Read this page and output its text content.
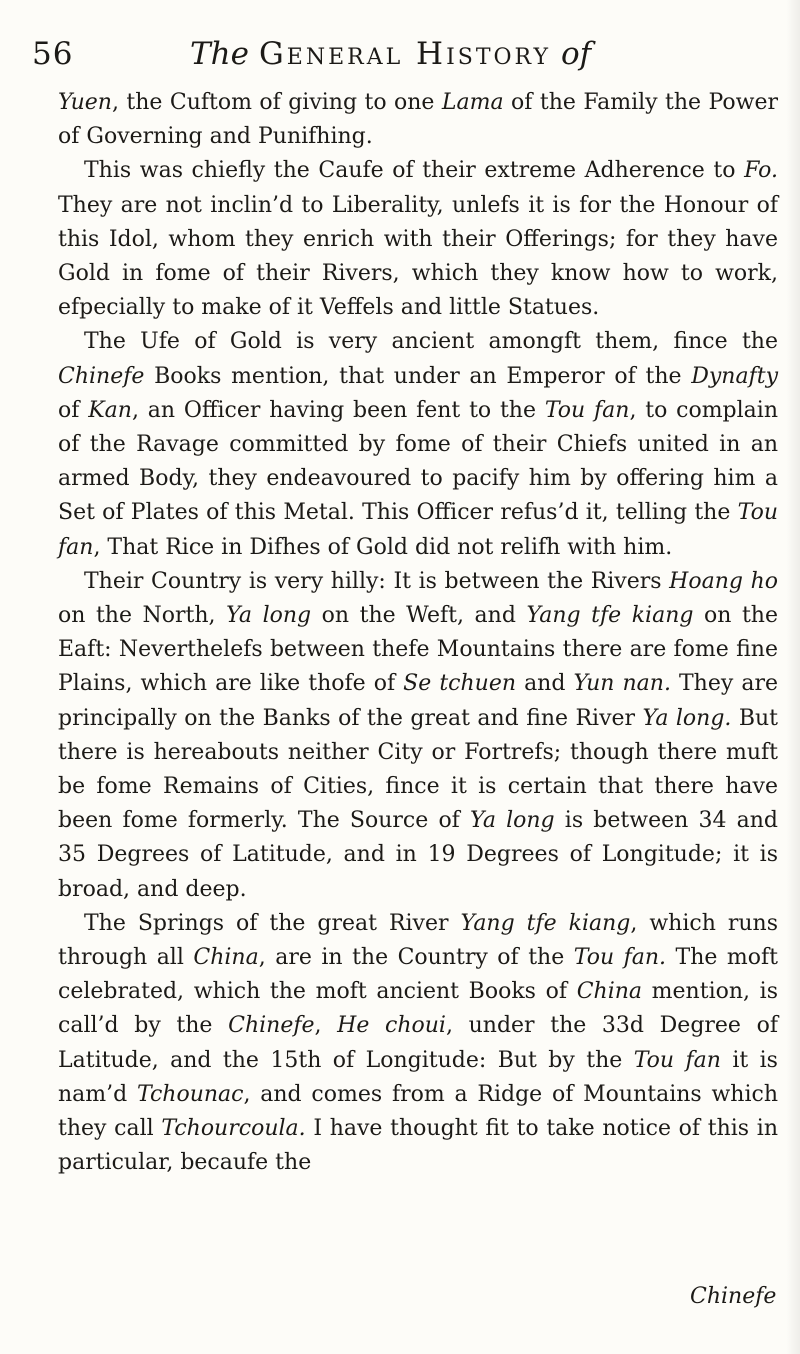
56	The General History of

Yuen, the Cuftom of giving to one Lama of the Family the Power of Governing and Punifhing.

This was chiefly the Caufe of their extreme Adherence to Fo. They are not inclin’d to Liberality, unlefs it is for the Honour of this Idol, whom they enrich with their Offerings; for they have Gold in fome of their Rivers, which they know how to work, efpecially to make of it Veffels and little Statues.

The Ufe of Gold is very ancient amongft them, fince the Chinefe Books mention, that under an Emperor of the Dynafty of Kan, an Officer having been fent to the Tou fan, to complain of the Ravage committed by fome of their Chiefs united in an armed Body, they endeavoured to pacify him by offering him a Set of Plates of this Metal. This Officer refus’d it, telling the Tou fan, That Rice in Difhes of Gold did not relifh with him.

Their Country is very hilly: It is between the Rivers Hoang ho on the North, Ya long on the Weft, and Yang tfe kiang on the Eaft: Neverthelefs between thefe Mountains there are fome fine Plains, which are like thofe of Se tchuen and Yun nan. They are principally on the Banks of the great and fine River Ya long. But there is hereabouts neither City or Fortrefs; though there muft be fome Remains of Cities, fince it is certain that there have been fome formerly. The Source of Ya long is between 34 and 35 Degrees of Latitude, and in 19 Degrees of Longitude; it is broad, and deep.

The Springs of the great River Yang tfe kiang, which runs through all China, are in the Country of the Tou fan. The moft celebrated, which the moft ancient Books of China mention, is call’d by the Chinefe, He choui, under the 33d Degree of Latitude, and the 15th of Longitude: But by the Tou fan it is nam’d Tchounac, and comes from a Ridge of Mountains which they call Tchourcoula. I have thought fit to take notice of this in particular, becaufe the

Chinefe
